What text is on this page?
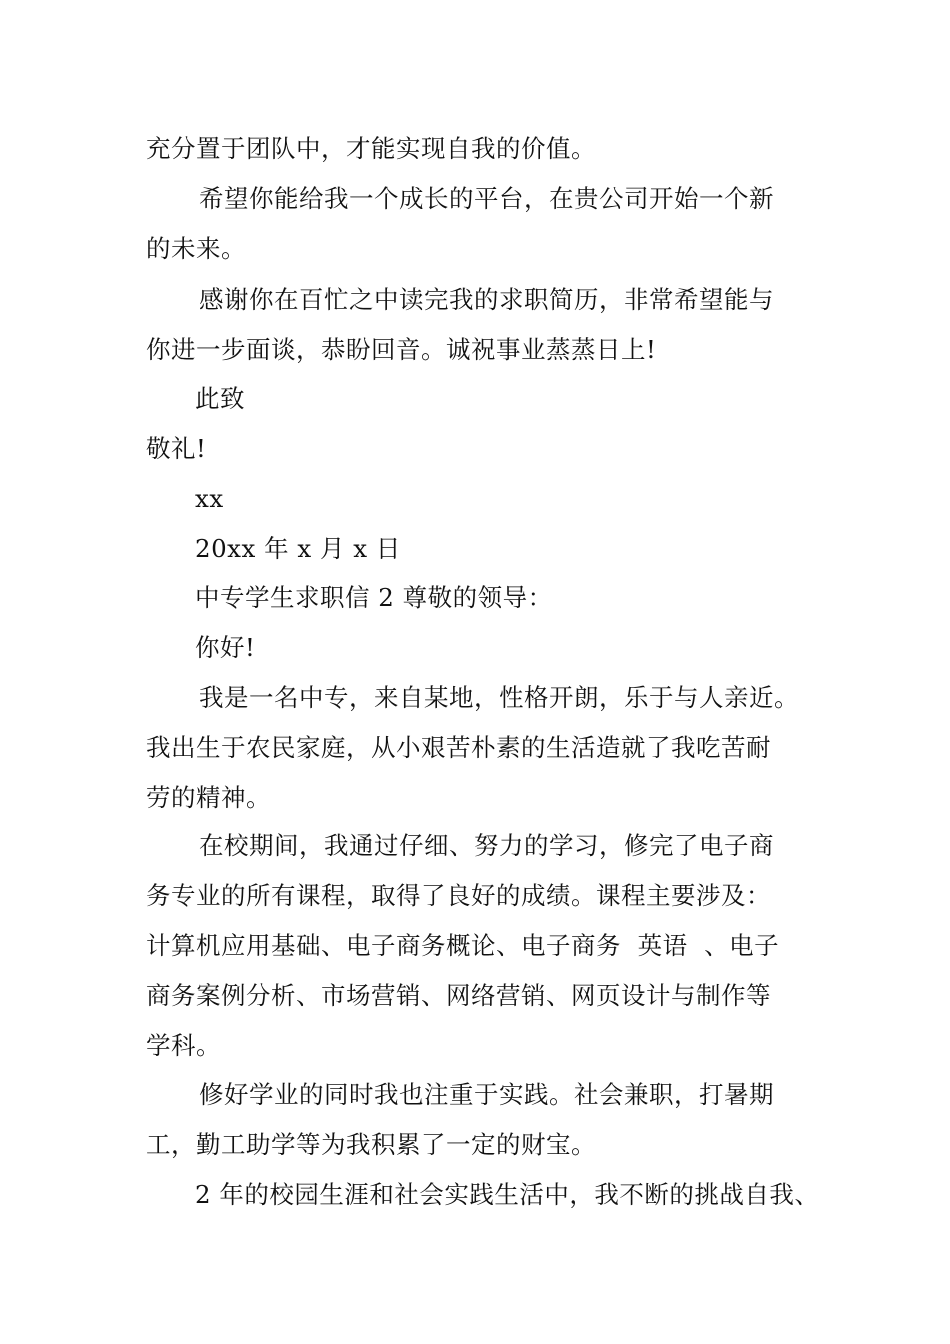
充分置于团队中，才能实现自我的价值。
希望你能给我一个成长的平台，在贵公司开始一个新
的未来。
感谢你在百忙之中读完我的求职简历，非常希望能与
你进一步面谈，恭盼回音。诚祝事业蒸蒸日上!
此致
敬礼!
xx
20xx 年 x 月 x 日
中专学生求职信 2 尊敬的领导：
你好!
我是一名中专，来自某地，性格开朗，乐于与人亲近。
我出生于农民家庭，从小艰苦朴素的生活造就了我吃苦耐
劳的精神。
在校期间，我通过仔细、努力的学习，修完了电子商
务专业的所有课程，取得了良好的成绩。课程主要涉及：
计算机应用基础、电子商务概论、电子商务  英语  、电子
商务案例分析、市场营销、网络营销、网页设计与制作等
学科。
修好学业的同时我也注重于实践。社会兼职，打暑期
工，勤工助学等为我积累了一定的财宝。
2 年的校园生涯和社会实践生活中，我不断的挑战自我、
